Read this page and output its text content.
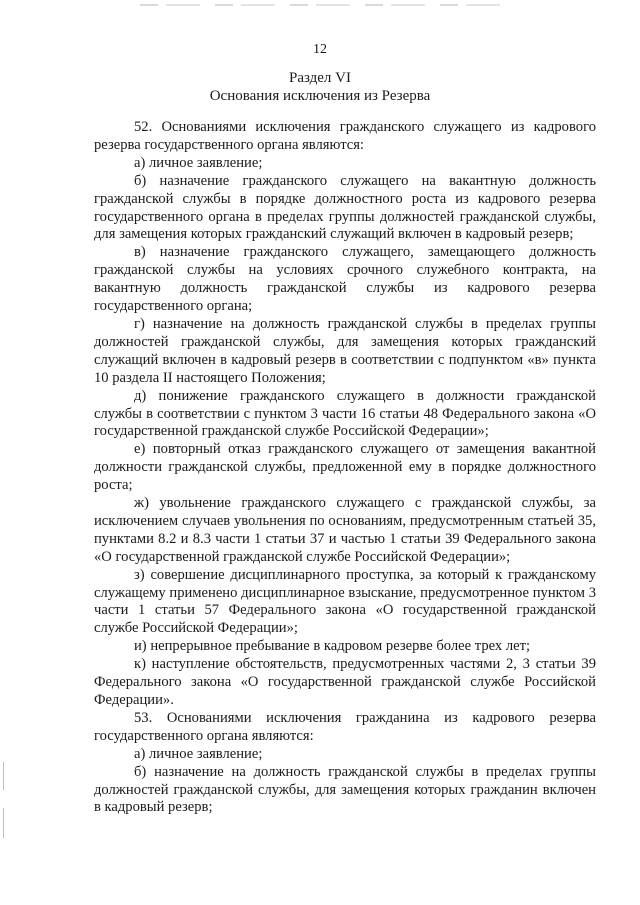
12
Раздел VI
Основания исключения из Резерва

52. Основаниями исключения гражданского служащего из кадрового резерва государственного органа являются:

а) личное заявление;

б) назначение гражданского служащего на вакантную должность гражданской службы в порядке должностного роста из кадрового резерва государственного органа в пределах группы должностей гражданской службы, для замещения которых гражданский служащий включен в кадровый резерв;

в) назначение гражданского служащего, замещающего должность гражданской службы на условиях срочного служебного контракта, на вакантную должность гражданской службы из кадрового резерва государственного органа;

г) назначение на должность гражданской службы в пределах группы должностей гражданской службы, для замещения которых гражданский служащий включен в кадровый резерв в соответствии с подпунктом «в» пункта 10 раздела II настоящего Положения;

д) понижение гражданского служащего в должности гражданской службы в соответствии с пунктом 3 части 16 статьи 48 Федерального закона «О государственной гражданской службе Российской Федерации»;

е) повторный отказ гражданского служащего от замещения вакантной должности гражданской службы, предложенной ему в порядке должностного роста;

ж) увольнение гражданского служащего с гражданской службы, за исключением случаев увольнения по основаниям, предусмотренным статьей 35, пунктами 8.2 и 8.3 части 1 статьи 37 и частью 1 статьи 39 Федерального закона «О государственной гражданской службе Российской Федерации»;

з) совершение дисциплинарного проступка, за который к гражданскому служащему применено дисциплинарное взыскание, предусмотренное пунктом 3 части 1 статьи 57 Федерального закона «О государственной гражданской службе Российской Федерации»;

и) непрерывное пребывание в кадровом резерве более трех лет;

к) наступление обстоятельств, предусмотренных частями 2, 3 статьи 39 Федерального закона «О государственной гражданской службе Российской Федерации».

53. Основаниями исключения гражданина из кадрового резерва государственного органа являются:

а) личное заявление;

б) назначение на должность гражданской службы в пределах группы должностей гражданской службы, для замещения которых гражданин включен в кадровый резерв;
